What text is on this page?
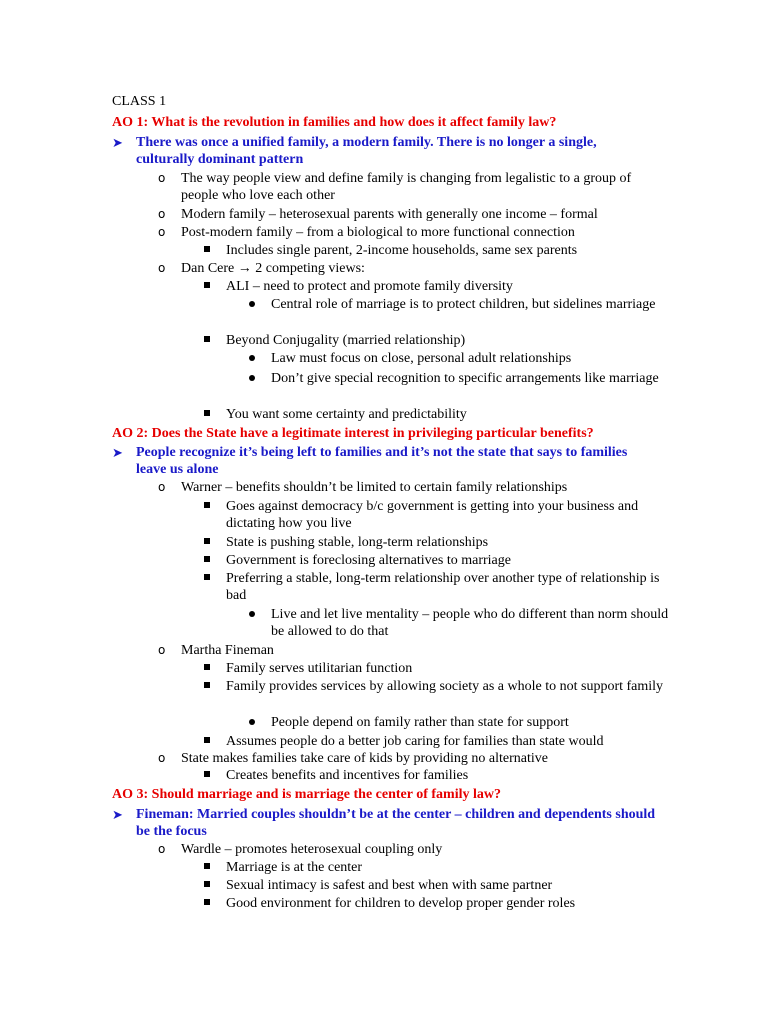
CLASS 1
AO 1: What is the revolution in families and how does it affect family law?
➤ There was once a unified family, a modern family. There is no longer a single, culturally dominant pattern
o The way people view and define family is changing from legalistic to a group of people who love each other
o Modern family – heterosexual parents with generally one income – formal
o Post-modern family – from a biological to more functional connection
Includes single parent, 2-income households, same sex parents
o Dan Cere → 2 competing views:
ALI – need to protect and promote family diversity
Central role of marriage is to protect children, but sidelines marriage
Beyond Conjugality (married relationship)
Law must focus on close, personal adult relationships
Don’t give special recognition to specific arrangements like marriage
You want some certainty and predictability
AO 2: Does the State have a legitimate interest in privileging particular benefits?
➤ People recognize it’s being left to families and it’s not the state that says to families leave us alone
o Warner – benefits shouldn’t be limited to certain family relationships
Goes against democracy b/c government is getting into your business and dictating how you live
State is pushing stable, long-term relationships
Government is foreclosing alternatives to marriage
Preferring a stable, long-term relationship over another type of relationship is bad
Live and let live mentality – people who do different than norm should be allowed to do that
o Martha Fineman
Family serves utilitarian function
Family provides services by allowing society as a whole to not support family
People depend on family rather than state for support
Assumes people do a better job caring for families than state would
o State makes families take care of kids by providing no alternative
Creates benefits and incentives for families
AO 3: Should marriage and is marriage the center of family law?
➤ Fineman: Married couples shouldn’t be at the center – children and dependents should be the focus
o Wardle – promotes heterosexual coupling only
Marriage is at the center
Sexual intimacy is safest and best when with same partner
Good environment for children to develop proper gender roles
